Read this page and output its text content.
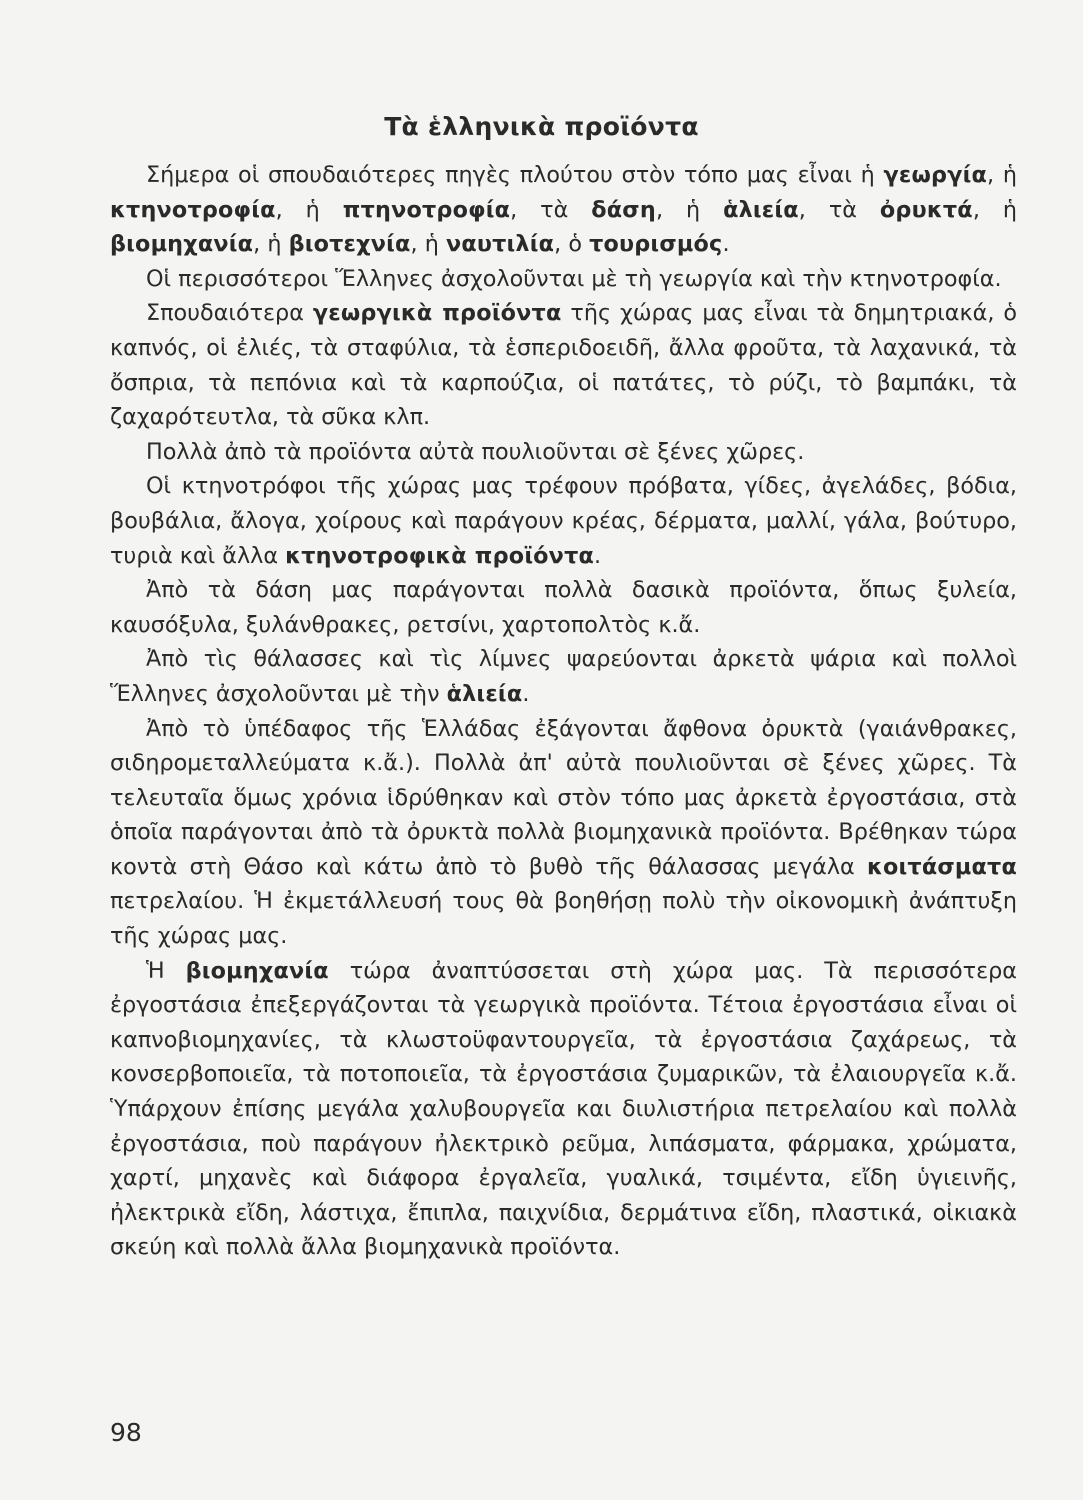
Τὰ ἑλληνικὰ προϊόντα

Σήμερα οἱ σπουδαιότερες πηγὲς πλούτου στὸν τόπο μας εἶναι ἡ γεωργία, ἡ κτηνοτροφία, ἡ πτηνοτροφία, τὰ δάση, ἡ ἁλιεία, τὰ ὀρυκτά, ἡ βιομηχανία, ἡ βιοτεχνία, ἡ ναυτιλία, ὁ τουρισμός.

Οἱ περισσότεροι Ἕλληνες ἀσχολοῦνται μὲ τὴ γεωργία καὶ τὴν κτηνοτροφία.

Σπουδαιότερα γεωργικὰ προϊόντα τῆς χώρας μας εἶναι τὰ δημητριακά, ὁ καπνός, οἱ ἐλιές, τὰ σταφύλια, τὰ ἑσπεριδοειδῆ, ἄλλα φροῦτα, τὰ λαχανικά, τὰ ὄσπρια, τὰ πεπόνια καὶ τὰ καρπούζια, οἱ πατάτες, τὸ ρύζι, τὸ βαμπάκι, τὰ ζαχαρότευτλα, τὰ σῦκα κλπ.

Πολλὰ ἀπὸ τὰ προϊόντα αὐτὰ πουλιοῦνται σὲ ξένες χῶρες.

Οἱ κτηνοτρόφοι τῆς χώρας μας τρέφουν πρόβατα, γίδες, ἀγελάδες, βόδια, βουβάλια, ἄλογα, χοίρους καὶ παράγουν κρέας, δέρματα, μαλλί, γάλα, βούτυρο, τυριὰ καὶ ἄλλα κτηνοτροφικὰ προϊόντα.

Ἀπὸ τὰ δάση μας παράγονται πολλὰ δασικὰ προϊόντα, ὅπως ξυλεία, καυσόξυλα, ξυλάνθρακες, ρετσίνι, χαρτοπολτὸς κ.ἄ.

Ἀπὸ τὶς θάλασσες καὶ τὶς λίμνες ψαρεύονται ἀρκετὰ ψάρια καὶ πολλοὶ Ἕλληνες ἀσχολοῦνται μὲ τὴν ἁλιεία.

Ἀπὸ τὸ ὑπέδαφος τῆς Ἑλλάδας ἐξάγονται ἄφθονα ὀρυκτὰ (γαιάνθρακες, σιδηρομεταλλεύματα κ.ἄ.). Πολλὰ ἀπ' αὐτὰ πουλιοῦνται σὲ ξένες χῶρες. Τὰ τελευταῖα ὅμως χρόνια ἱδρύθηκαν καὶ στὸν τόπο μας ἀρκετὰ ἐργοστάσια, στὰ ὁποῖα παράγονται ἀπὸ τὰ ὀρυκτὰ πολλὰ βιομηχανικὰ προϊόντα. Βρέθηκαν τώρα κοντὰ στὴ Θάσο καὶ κάτω ἀπὸ τὸ βυθὸ τῆς θάλασσας μεγάλα κοιτάσματα πετρελαίου. Ἡ ἐκμετάλλευσή τους θὰ βοηθήσῃ πολὺ τὴν οἰκονομικὴ ἀνάπτυξη τῆς χώρας μας.

Ἡ βιομηχανία τώρα ἀναπτύσσεται στὴ χώρα μας. Τὰ περισσότερα ἐργοστάσια ἐπεξεργάζονται τὰ γεωργικὰ προϊόντα. Τέτοια ἐργοστάσια εἶναι οἱ καπνοβιομηχανίες, τὰ κλωστοϋφαντουργεῖα, τὰ ἐργοστάσια ζαχάρεως, τὰ κονσερβοποιεῖα, τὰ ποτοποιεῖα, τὰ ἐργοστάσια ζυμαρικῶν, τὰ ἐλαιουργεῖα κ.ἄ. Ὑπάρχουν ἐπίσης μεγάλα χαλυβουργεῖα και διυλιστήρια πετρελαίου καὶ πολλὰ ἐργοστάσια, ποὺ παράγουν ἠλεκτρικὸ ρεῦμα, λιπάσματα, φάρμακα, χρώματα, χαρτί, μηχανὲς καὶ διάφορα ἐργαλεῖα, γυαλικά, τσιμέντα, εἴδη ὑγιεινῆς, ἠλεκτρικὰ εἴδη, λάστιχα, ἔπιπλα, παιχνίδια, δερμάτινα εἴδη, πλαστικά, οἰκιακὰ σκεύη καὶ πολλὰ ἄλλα βιομηχανικὰ προϊόντα.

98
